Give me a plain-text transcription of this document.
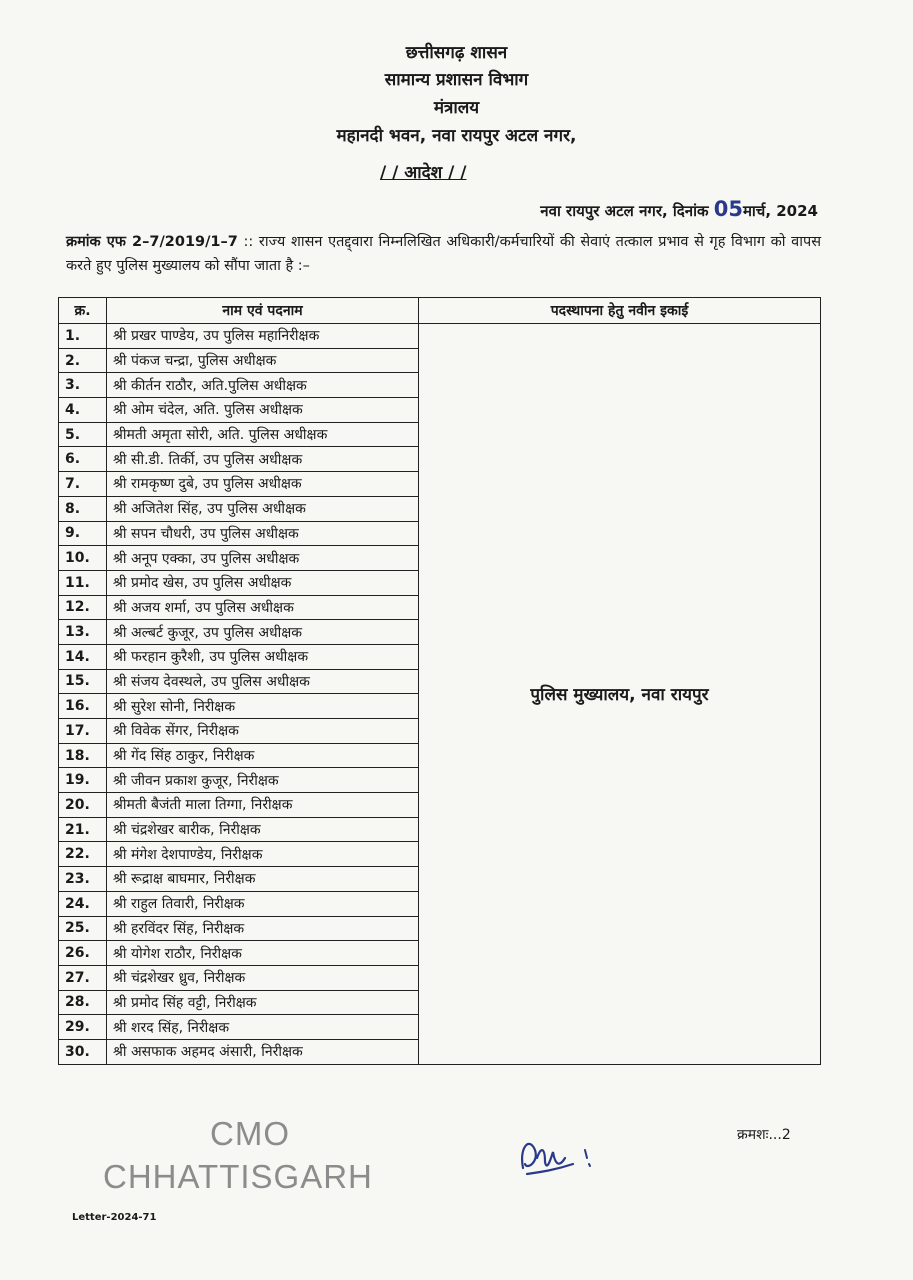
छत्तीसगढ़ शासन
सामान्य प्रशासन विभाग
मंत्रालय
महानदी भवन, नवा रायपुर अटल नगर,
/ / आदेश / /
नवा रायपुर अटल नगर, दिनांक 05मार्च, 2024
क्रमांक एफ 2–7/2019/1–7 :: राज्य शासन एतद्द्वारा निम्नलिखित अधिकारी/कर्मचारियों की सेवाएं तत्काल प्रभाव से गृह विभाग को वापस करते हुए पुलिस मुख्यालय को सौंपा जाता है :–
क्र.	नाम एवं पदनाम	पदस्थापना हेतु नवीन इकाई
1.	श्री प्रखर पाण्डेय, उप पुलिस महानिरीक्षक	पुलिस मुख्यालय, नवा रायपुर
2.	श्री पंकज चन्द्रा, पुलिस अधीक्षक	
3.	श्री कीर्तन राठौर, अति.पुलिस अधीक्षक	
4.	श्री ओम चंदेल, अति. पुलिस अधीक्षक	
5.	श्रीमती अमृता सोरी, अति. पुलिस अधीक्षक	
6.	श्री सी.डी. तिर्की, उप पुलिस अधीक्षक	
7.	श्री रामकृष्ण दुबे, उप पुलिस अधीक्षक	
8.	श्री अजितेश सिंह, उप पुलिस अधीक्षक	
9.	श्री सपन चौधरी, उप पुलिस अधीक्षक	
10.	श्री अनूप एक्का, उप पुलिस अधीक्षक	
11.	श्री प्रमोद खेस, उप पुलिस अधीक्षक	
12.	श्री अजय शर्मा, उप पुलिस अधीक्षक	
13.	श्री अल्बर्ट कुजूर, उप पुलिस अधीक्षक	
14.	श्री फरहान कुरैशी, उप पुलिस अधीक्षक	
15.	श्री संजय देवस्थले, उप पुलिस अधीक्षक	
16.	श्री सुरेश सोनी, निरीक्षक	
17.	श्री विवेक सेंगर, निरीक्षक	
18.	श्री गेंद सिंह ठाकुर, निरीक्षक	
19.	श्री जीवन प्रकाश कुजूर, निरीक्षक	
20.	श्रीमती बैजंती माला तिग्गा, निरीक्षक	
21.	श्री चंद्रशेखर बारीक, निरीक्षक	
22.	श्री मंगेश देशपाण्डेय, निरीक्षक	
23.	श्री रूद्राक्ष बाघमार, निरीक्षक	
24.	श्री राहुल तिवारी, निरीक्षक	
25.	श्री हरविंदर सिंह, निरीक्षक	
26.	श्री योगेश राठौर, निरीक्षक	
27.	श्री चंद्रशेखर ध्रुव, निरीक्षक	
28.	श्री प्रमोद सिंह वट्टी, निरीक्षक	
29.	श्री शरद सिंह, निरीक्षक	
30.	श्री असफाक अहमद अंसारी, निरीक्षक	
CMO
CHHATTISGARH
क्रमशः...2
Letter-2024-71
